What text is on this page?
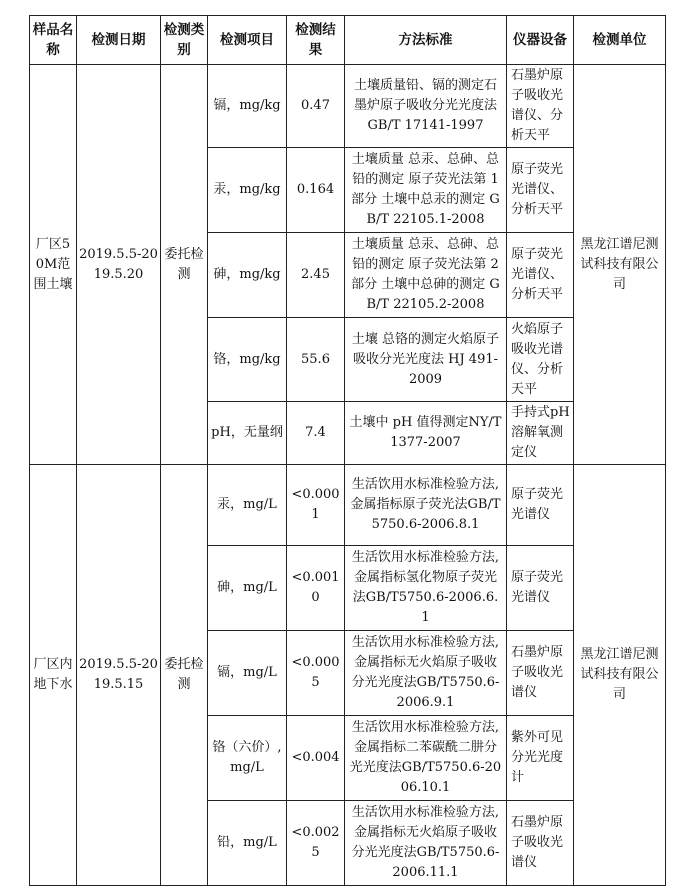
样品名称	检测日期	检测类别	检测项目	检测结果	方法标准	仪器设备	检测单位
厂区50M范围土壤	2019.5.5-2019.5.20	委托检测	镉，mg/kg	0.47	土壤质量铅、镉的测定石墨炉原子吸收分光光度法 GB/T 17141-1997	石墨炉原子吸收光谱仪、分析天平	黑龙江谱尼测试科技有限公司
			汞，mg/kg	0.164	土壤质量 总汞、总砷、总铅的测定 原子荧光法第 1部分 土壤中总汞的测定 GB/T 22105.1-2008	原子荧光光谱仪、分析天平	
			砷，mg/kg	2.45	土壤质量 总汞、总砷、总铅的测定 原子荧光法第 2部分 土壤中总砷的测定 GB/T 22105.2-2008	原子荧光光谱仪、分析天平	
			铬，mg/kg	55.6	土壤 总铬的测定火焰原子吸收分光光度法 HJ 491-2009	火焰原子吸收光谱仪、分析天平	
			pH，无量纲	7.4	土壤中 pH 值得测定NY/T 1377-2007	手持式pH 溶解氧测定仪	
厂区内地下水	2019.5.5-2019.5.15	委托检测	汞，mg/L	<0.0001	生活饮用水标准检验方法,金属指标原子荧光法GB/T5750.6-2006.8.1	原子荧光光谱仪	黑龙江谱尼测试科技有限公司
			砷，mg/L	<0.0010	生活饮用水标准检验方法,金属指标氢化物原子荧光法GB/T5750.6-2006.6.1	原子荧光光谱仪	
			镉，mg/L	<0.0005	生活饮用水标准检验方法,金属指标无火焰原子吸收分光光度法GB/T5750.6-2006.9.1	石墨炉原子吸收光谱仪	
			铬（六价）,mg/L	<0.004	生活饮用水标准检验方法,金属指标二苯碳酰二肼分光光度法GB/T5750.6-2006.10.1	紫外可见分光光度计	
			铅，mg/L	<0.0025	生活饮用水标准检验方法,金属指标无火焰原子吸收分光光度法GB/T5750.6-2006.11.1	石墨炉原子吸收光谱仪	
